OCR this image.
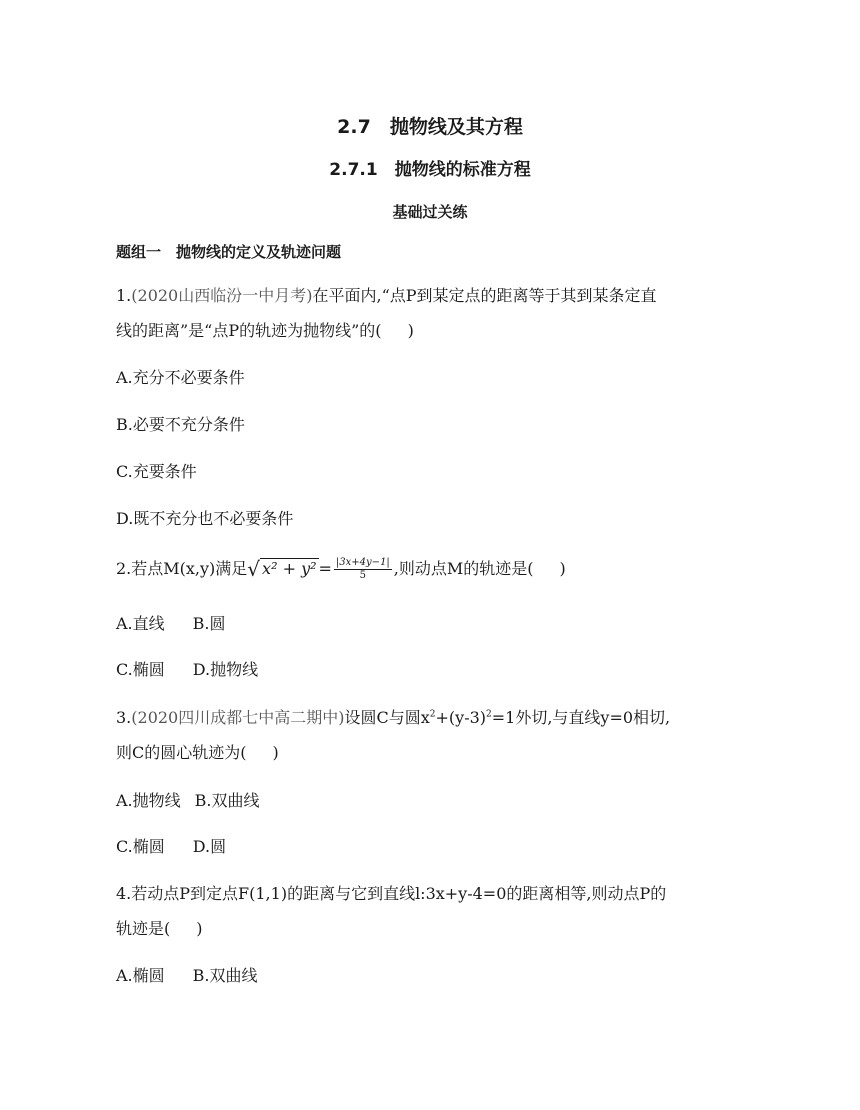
2.7　抛物线及其方程
2.7.1　抛物线的标准方程
基础过关练
题组一　抛物线的定义及轨迹问题
1.(2020山西临汾一中月考)在平面内,“点P到某定点的距离等于其到某条定直
线的距离”是“点P的轨迹为抛物线”的( )
A.充分不必要条件
B.必要不充分条件
C.充要条件
D.既不充分也不必要条件
2.若点M(x,y)满足√ $x^2 + y^2 = \frac{|3x+4y-1|}{5}$ ,则动点M的轨迹是( )
A.直线 B.圆
C.椭圆 D.抛物线
3.(2020四川成都七中高二期中)设圆C与圆$x^2+(y-3)^2=1$外切,与直线y=0相切,
则C的圆心轨迹为( )
A.抛物线 B.双曲线
C.椭圆 D.圆
4.若动点P到定点F(1,1)的距离与它到直线l:3x+y-4=0的距离相等,则动点P的
轨迹是( )
A.椭圆 B.双曲线
